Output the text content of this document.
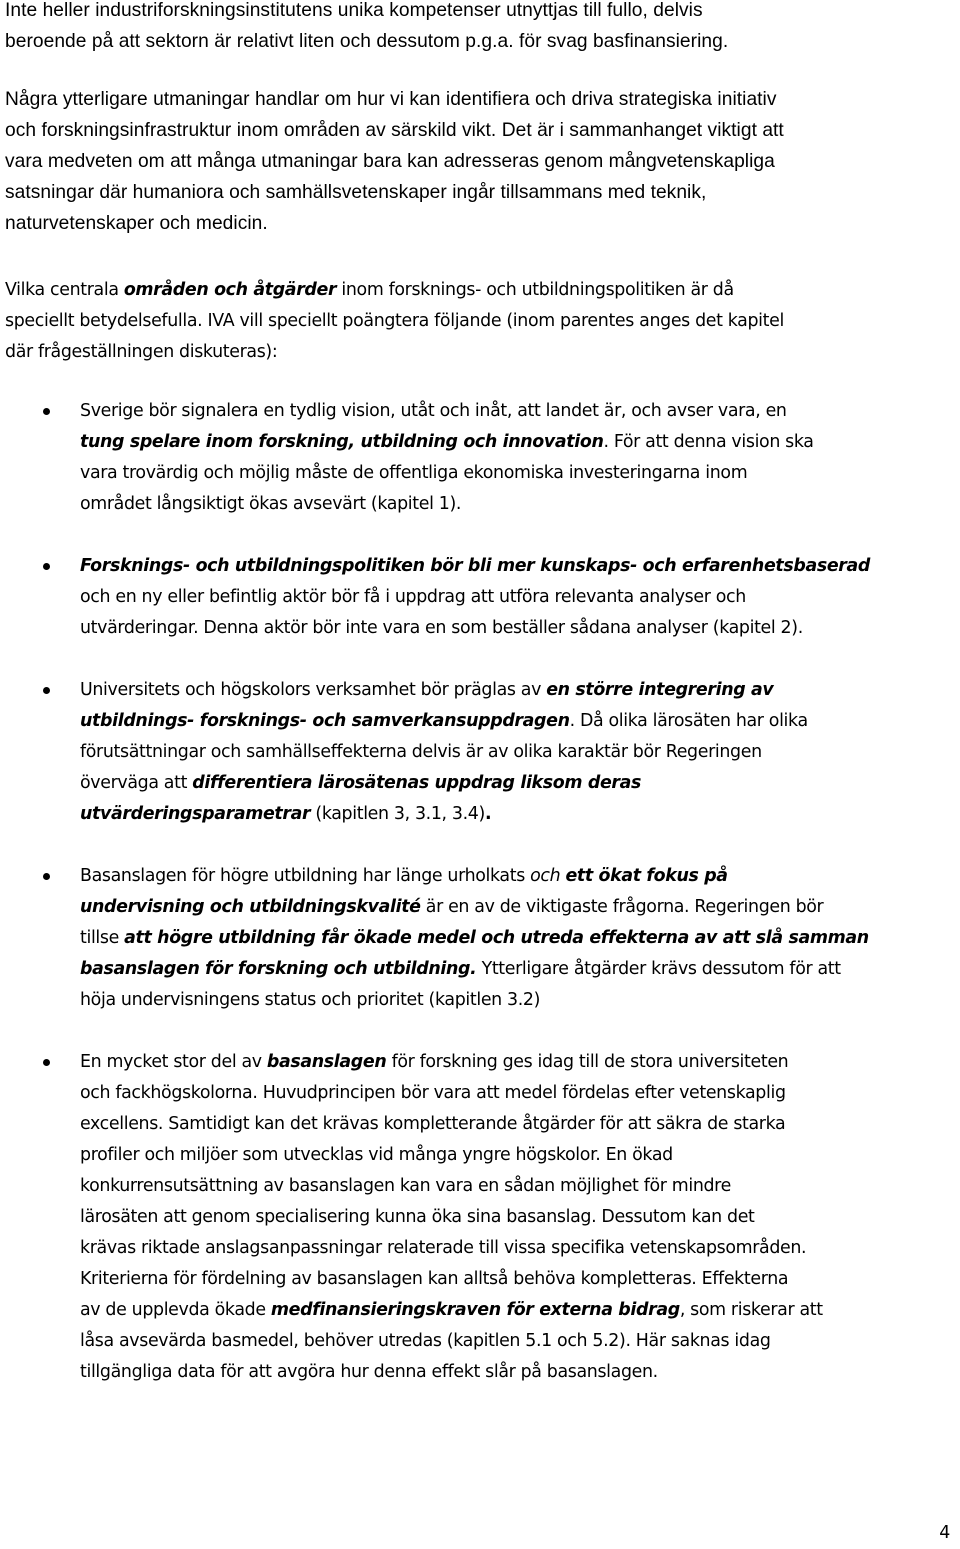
Inte heller industriforskningsinstitutens unika kompetenser utnyttjas till fullo, delvis
beroende på att sektorn är relativt liten och dessutom p.g.a. för svag basfinansiering.

Några ytterligare utmaningar handlar om hur vi kan identifiera och driva strategiska initiativ
och forskningsinfrastruktur inom områden av särskild vikt. Det är i sammanhanget viktigt att
vara medveten om att många utmaningar bara kan adresseras genom mångvetenskapliga
satsningar där humaniora och samhällsvetenskaper ingår tillsammans med teknik,
naturvetenskaper och medicin.

Vilka centrala områden och åtgärder inom forsknings- och utbildningspolitiken är då
speciellt betydelsefulla. IVA vill speciellt poängtera följande (inom parentes anges det kapitel
där frågeställningen diskuteras):

Sverige bör signalera en tydlig vision, utåt och inåt, att landet är, och avser vara, en
tung spelare inom forskning, utbildning och innovation. För att denna vision ska
vara trovärdig och möjlig måste de offentliga ekonomiska investeringarna inom
området långsiktigt ökas avsevärt (kapitel 1).
Forsknings- och utbildningspolitiken bör bli mer kunskaps- och erfarenhetsbaserad
och en ny eller befintlig aktör bör få i uppdrag att utföra relevanta analyser och
utvärderingar. Denna aktör bör inte vara en som beställer sådana analyser (kapitel 2).
Universitets och högskolors verksamhet bör präglas av en större integrering av
utbildnings- forsknings- och samverkansuppdragen. Då olika lärosäten har olika
förutsättningar och samhällseffekterna delvis är av olika karaktär bör Regeringen
överväga att differentiera lärosätenas uppdrag liksom deras
utvärderingsparametrar (kapitlen 3, 3.1, 3.4).
Basanslagen för högre utbildning har länge urholkats och ett ökat fokus på
undervisning och utbildningskvalité är en av de viktigaste frågorna. Regeringen bör
tillse att högre utbildning får ökade medel och utreda effekterna av att slå samman
basanslagen för forskning och utbildning. Ytterligare åtgärder krävs dessutom för att
höja undervisningens status och prioritet (kapitlen 3.2)
En mycket stor del av basanslagen för forskning ges idag till de stora universiteten
och fackhögskolorna. Huvudprincipen bör vara att medel fördelas efter vetenskaplig
excellens. Samtidigt kan det krävas kompletterande åtgärder för att säkra de starka
profiler och miljöer som utvecklas vid många yngre högskolor. En ökad
konkurrensutsättning av basanslagen kan vara en sådan möjlighet för mindre
lärosäten att genom specialisering kunna öka sina basanslag. Dessutom kan det
krävas riktade anslagsanpassningar relaterade till vissa specifika vetenskapsområden.
Kriterierna för fördelning av basanslagen kan alltså behöva kompletteras. Effekterna
av de upplevda ökade medfinansieringskraven för externa bidrag, som riskerar att
låsa avsevärda basmedel, behöver utredas (kapitlen 5.1 och 5.2). Här saknas idag
tillgängliga data för att avgöra hur denna effekt slår på basanslagen.

4
